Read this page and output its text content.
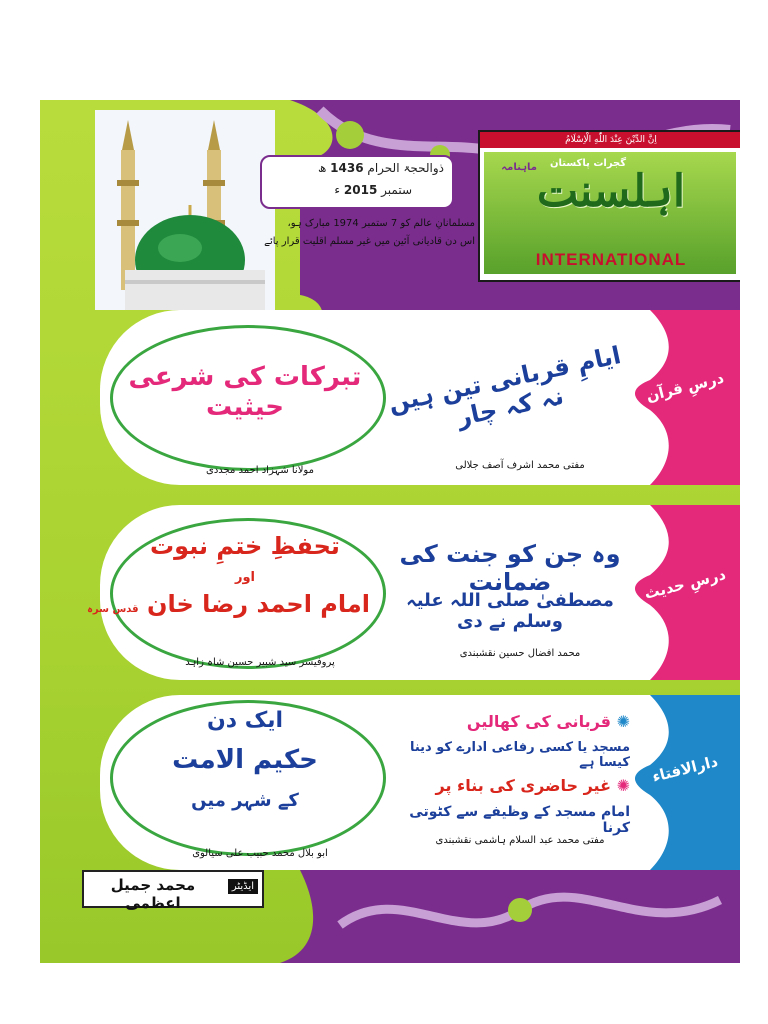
ذوالحجۃ الحرام 1436 ھ
ستمبر 2015 ء
مسلمانانِ عالم کو 7 ستمبر 1974 مبارک ہو،
اس دن قادیانی آئین میں غیر مسلم اقلیت قرار پائے
اِنَّ الدِّيْنَ عِنْدَ اللّٰهِ الْاِسْلَامُ
ماہنامہ گجرات پاکستان
اہلسنت
INTERNATIONAL
درسِ قرآن
تبرکات کی شرعی حیثیت
مولانا شہزاد احمد مجددی
ایامِ قربانی تین ہیں نہ کہ چار
مفتی محمد اشرف آصف جلالی
درسِ حدیث
تحفظِ ختمِ نبوت
اور
امام احمد رضا خان قدس سرہ
پروفیسر سید شبیر حسین شاہ زاہد
وہ جن کو جنت کی ضمانت
مصطفیٰ صلی اللہ علیہ وسلم نے دی
محمد افضال حسین نقشبندی
دارالافتاء
ایک دن
حکیم الامت
کے شہر میں
ابو بلال محمد حبیب علی سیالوی
✺ قربانی کی کھالیں
مسجد یا کسی رفاعی ادارے کو دینا کیسا ہے
✺ غیر حاضری کی بناء پر
امام مسجد کے وظیفے سے کٹوتی کرنا
مفتی محمد عبد السلام ہاشمی نقشبندی
محمد جمیل اعظمی
ایڈیٹر
